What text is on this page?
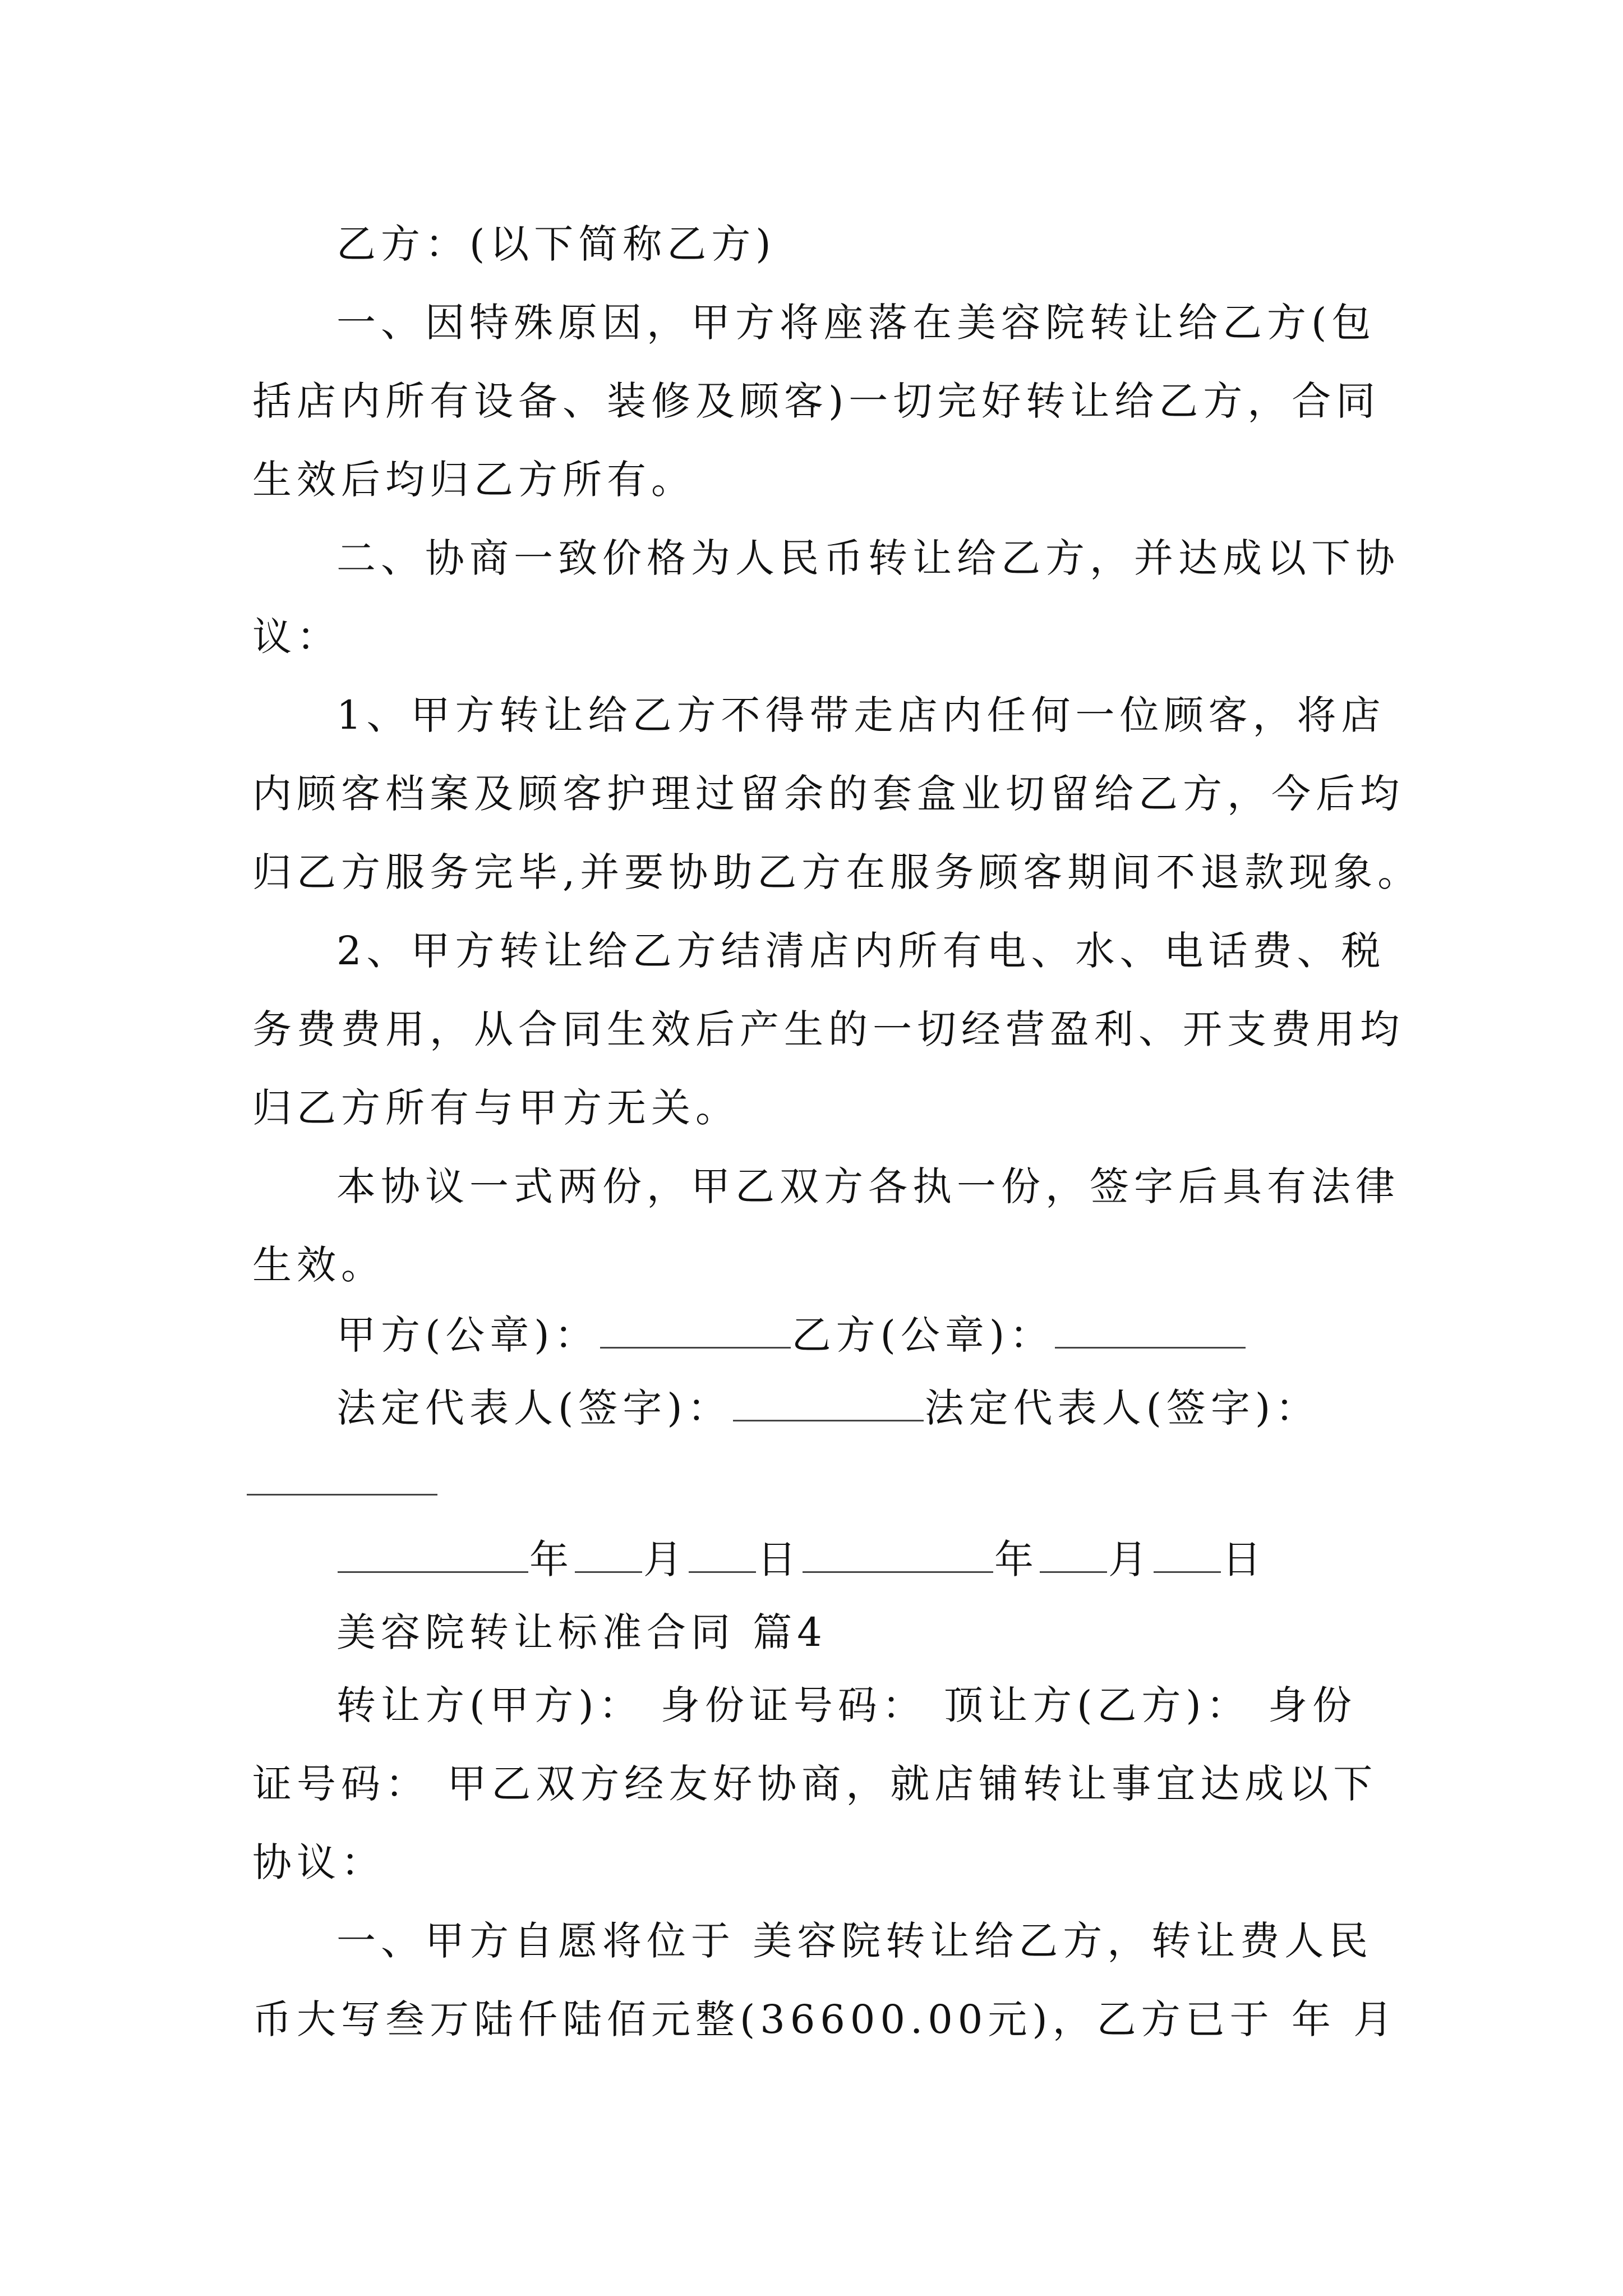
乙方：(以下简称乙方)
一、因特殊原因，甲方将座落在美容院转让给乙方(包
括店内所有设备、装修及顾客)一切完好转让给乙方，合同
生效后均归乙方所有。
二、协商一致价格为人民币转让给乙方，并达成以下协
议：
1、甲方转让给乙方不得带走店内任何一位顾客，将店
内顾客档案及顾客护理过留余的套盒业切留给乙方，今后均
归乙方服务完毕,并要协助乙方在服务顾客期间不退款现象。
2、甲方转让给乙方结清店内所有电、水、电话费、税
务费费用，从合同生效后产生的一切经营盈利、开支费用均
归乙方所有与甲方无关。
本协议一式两份，甲乙双方各执一份，签字后具有法律
生效。
甲方(公章)：	乙方(公章)：
法定代表人(签字)：	法定代表人(签字)：
年 月 日	年 月 日
美容院转让标准合同 篇4
转让方(甲方)： 身份证号码： 顶让方(乙方)： 身份
证号码： 甲乙双方经友好协商，就店铺转让事宜达成以下
协议：
一、甲方自愿将位于 美容院转让给乙方，转让费人民
币大写叁万陆仟陆佰元整(36600.00元)，乙方已于 年 月
